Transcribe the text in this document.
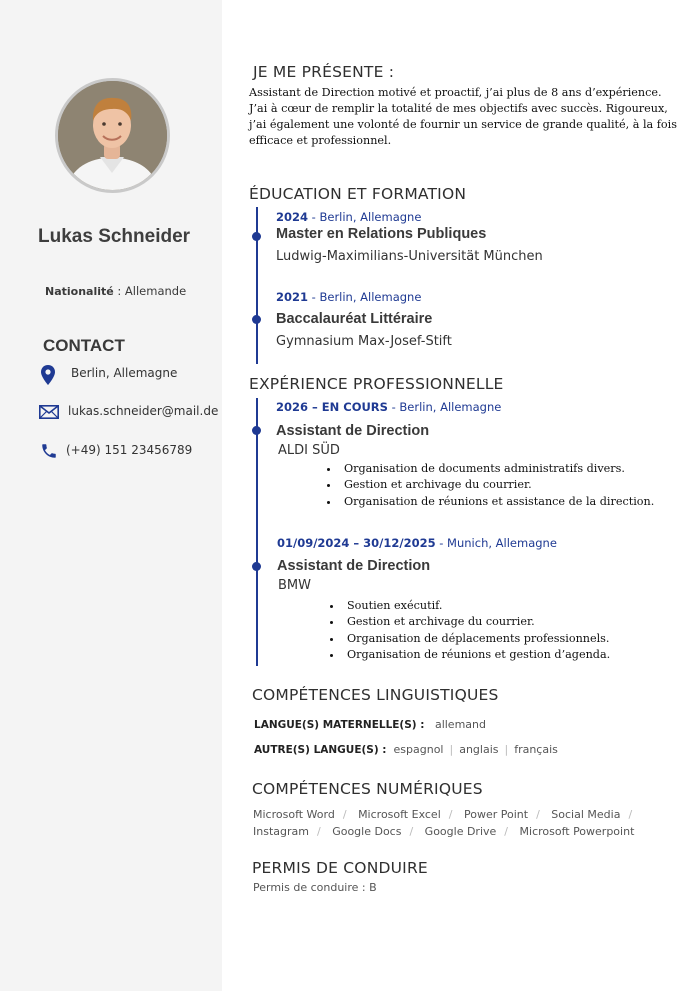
Lukas Schneider
Nationalité : Allemande
CONTACT
Berlin, Allemagne
lukas.schneider@mail.de
(+49) 151 23456789
JE ME PRÉSENTE :
Assistant de Direction motivé et proactif, j’ai plus de 8 ans d’expérience. J’ai à cœur de remplir la totalité de mes objectifs avec succès. Rigoureux, j’ai également une volonté de fournir un service de grande qualité, à la fois efficace et professionnel.
ÉDUCATION ET FORMATION
2024 - Berlin, Allemagne
Master en Relations Publiques
Ludwig-Maximilians-Universität München
2021 - Berlin, Allemagne
Baccalauréat Littéraire
Gymnasium Max-Josef-Stift
EXPÉRIENCE PROFESSIONNELLE
2026 – EN COURS - Berlin, Allemagne
Assistant de Direction
ALDI SÜD
• Organisation de documents administratifs divers.
• Gestion et archivage du courrier.
• Organisation de réunions et assistance de la direction.
01/09/2024 – 30/12/2025 - Munich, Allemagne
Assistant de Direction
BMW
• Soutien exécutif.
• Gestion et archivage du courrier.
• Organisation de déplacements professionnels.
• Organisation de réunions et gestion d’agenda.
COMPÉTENCES LINGUISTIQUES
LANGUE(S) MATERNELLE(S) : allemand
AUTRE(S) LANGUE(S) : espagnol | anglais | français
COMPÉTENCES NUMÉRIQUES
Microsoft Word / Microsoft Excel / Power Point / Social Media /
Instagram / Google Docs / Google Drive / Microsoft Powerpoint
PERMIS DE CONDUIRE
Permis de conduire : B
